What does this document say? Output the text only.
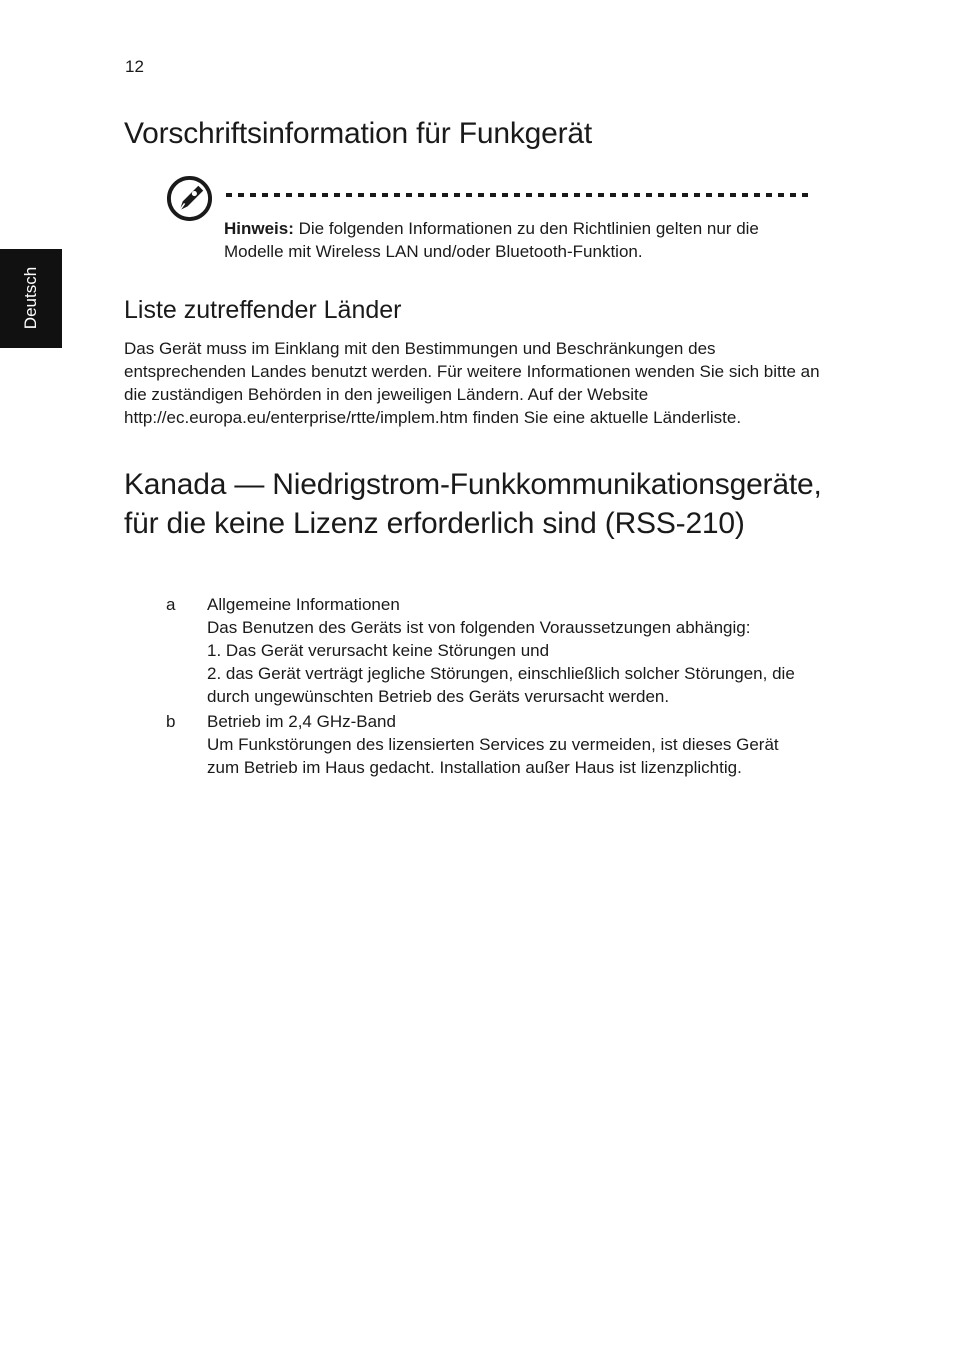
12
Deutsch
Vorschriftsinformation für Funkgerät

Hinweis: Die folgenden Informationen zu den Richtlinien gelten nur die Modelle mit Wireless LAN und/oder Bluetooth-Funktion.

Liste zutreffender Länder

Das Gerät muss im Einklang mit den Bestimmungen und Beschränkungen des entsprechenden Landes benutzt werden. Für weitere Informationen wenden Sie sich bitte an die zuständigen Behörden in den jeweiligen Ländern. Auf der Website http://ec.europa.eu/enterprise/rtte/implem.htm finden Sie eine aktuelle Länderliste.

Kanada — Niedrigstrom-Funkkommunikationsgeräte, für die keine Lizenz erforderlich sind (RSS-210)
a Allgemeine Informationen
Das Benutzen des Geräts ist von folgenden Voraussetzungen abhängig:
1. Das Gerät verursacht keine Störungen und
2. das Gerät verträgt jegliche Störungen, einschließlich solcher Störungen, die durch ungewünschten Betrieb des Geräts verursacht werden.
b Betrieb im 2,4 GHz-Band
Um Funkstörungen des lizensierten Services zu vermeiden, ist dieses Gerät zum Betrieb im Haus gedacht. Installation außer Haus ist lizenzplichtig.
